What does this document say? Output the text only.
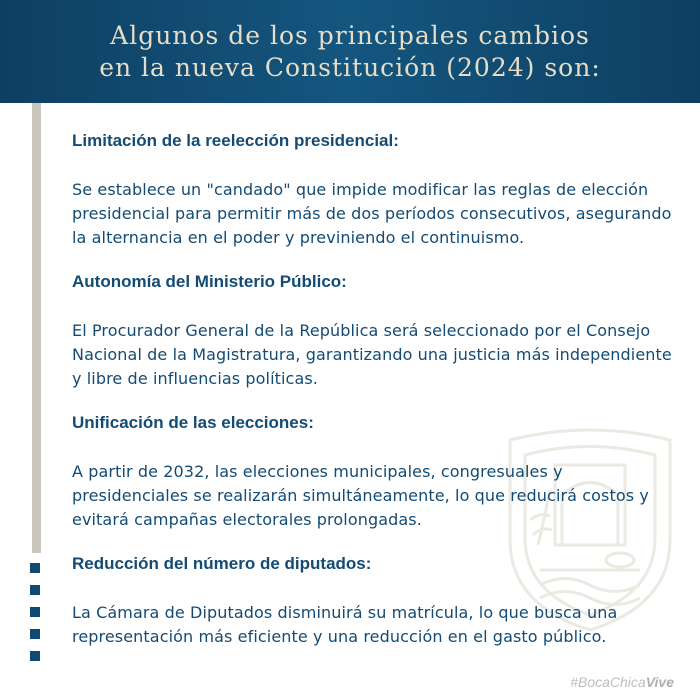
Algunos de los principales cambios
en la nueva Constitución (2024) son:

Limitación de la reelección presidencial:

Se establece un "candado" que impide modificar las reglas de elección presidencial para permitir más de dos períodos consecutivos, asegurando la alternancia en el poder y previniendo el continuismo.

Autonomía del Ministerio Público:

El Procurador General de la República será seleccionado por el Consejo Nacional de la Magistratura, garantizando una justicia más independiente y libre de influencias políticas.

Unificación de las elecciones:

A partir de 2032, las elecciones municipales, congresuales y presidenciales se realizarán simultáneamente, lo que reducirá costos y evitará campañas electorales prolongadas.

Reducción del número de diputados:

La Cámara de Diputados disminuirá su matrícula, lo que busca una representación más eficiente y una reducción en el gasto público.

#BocaChicaVive
